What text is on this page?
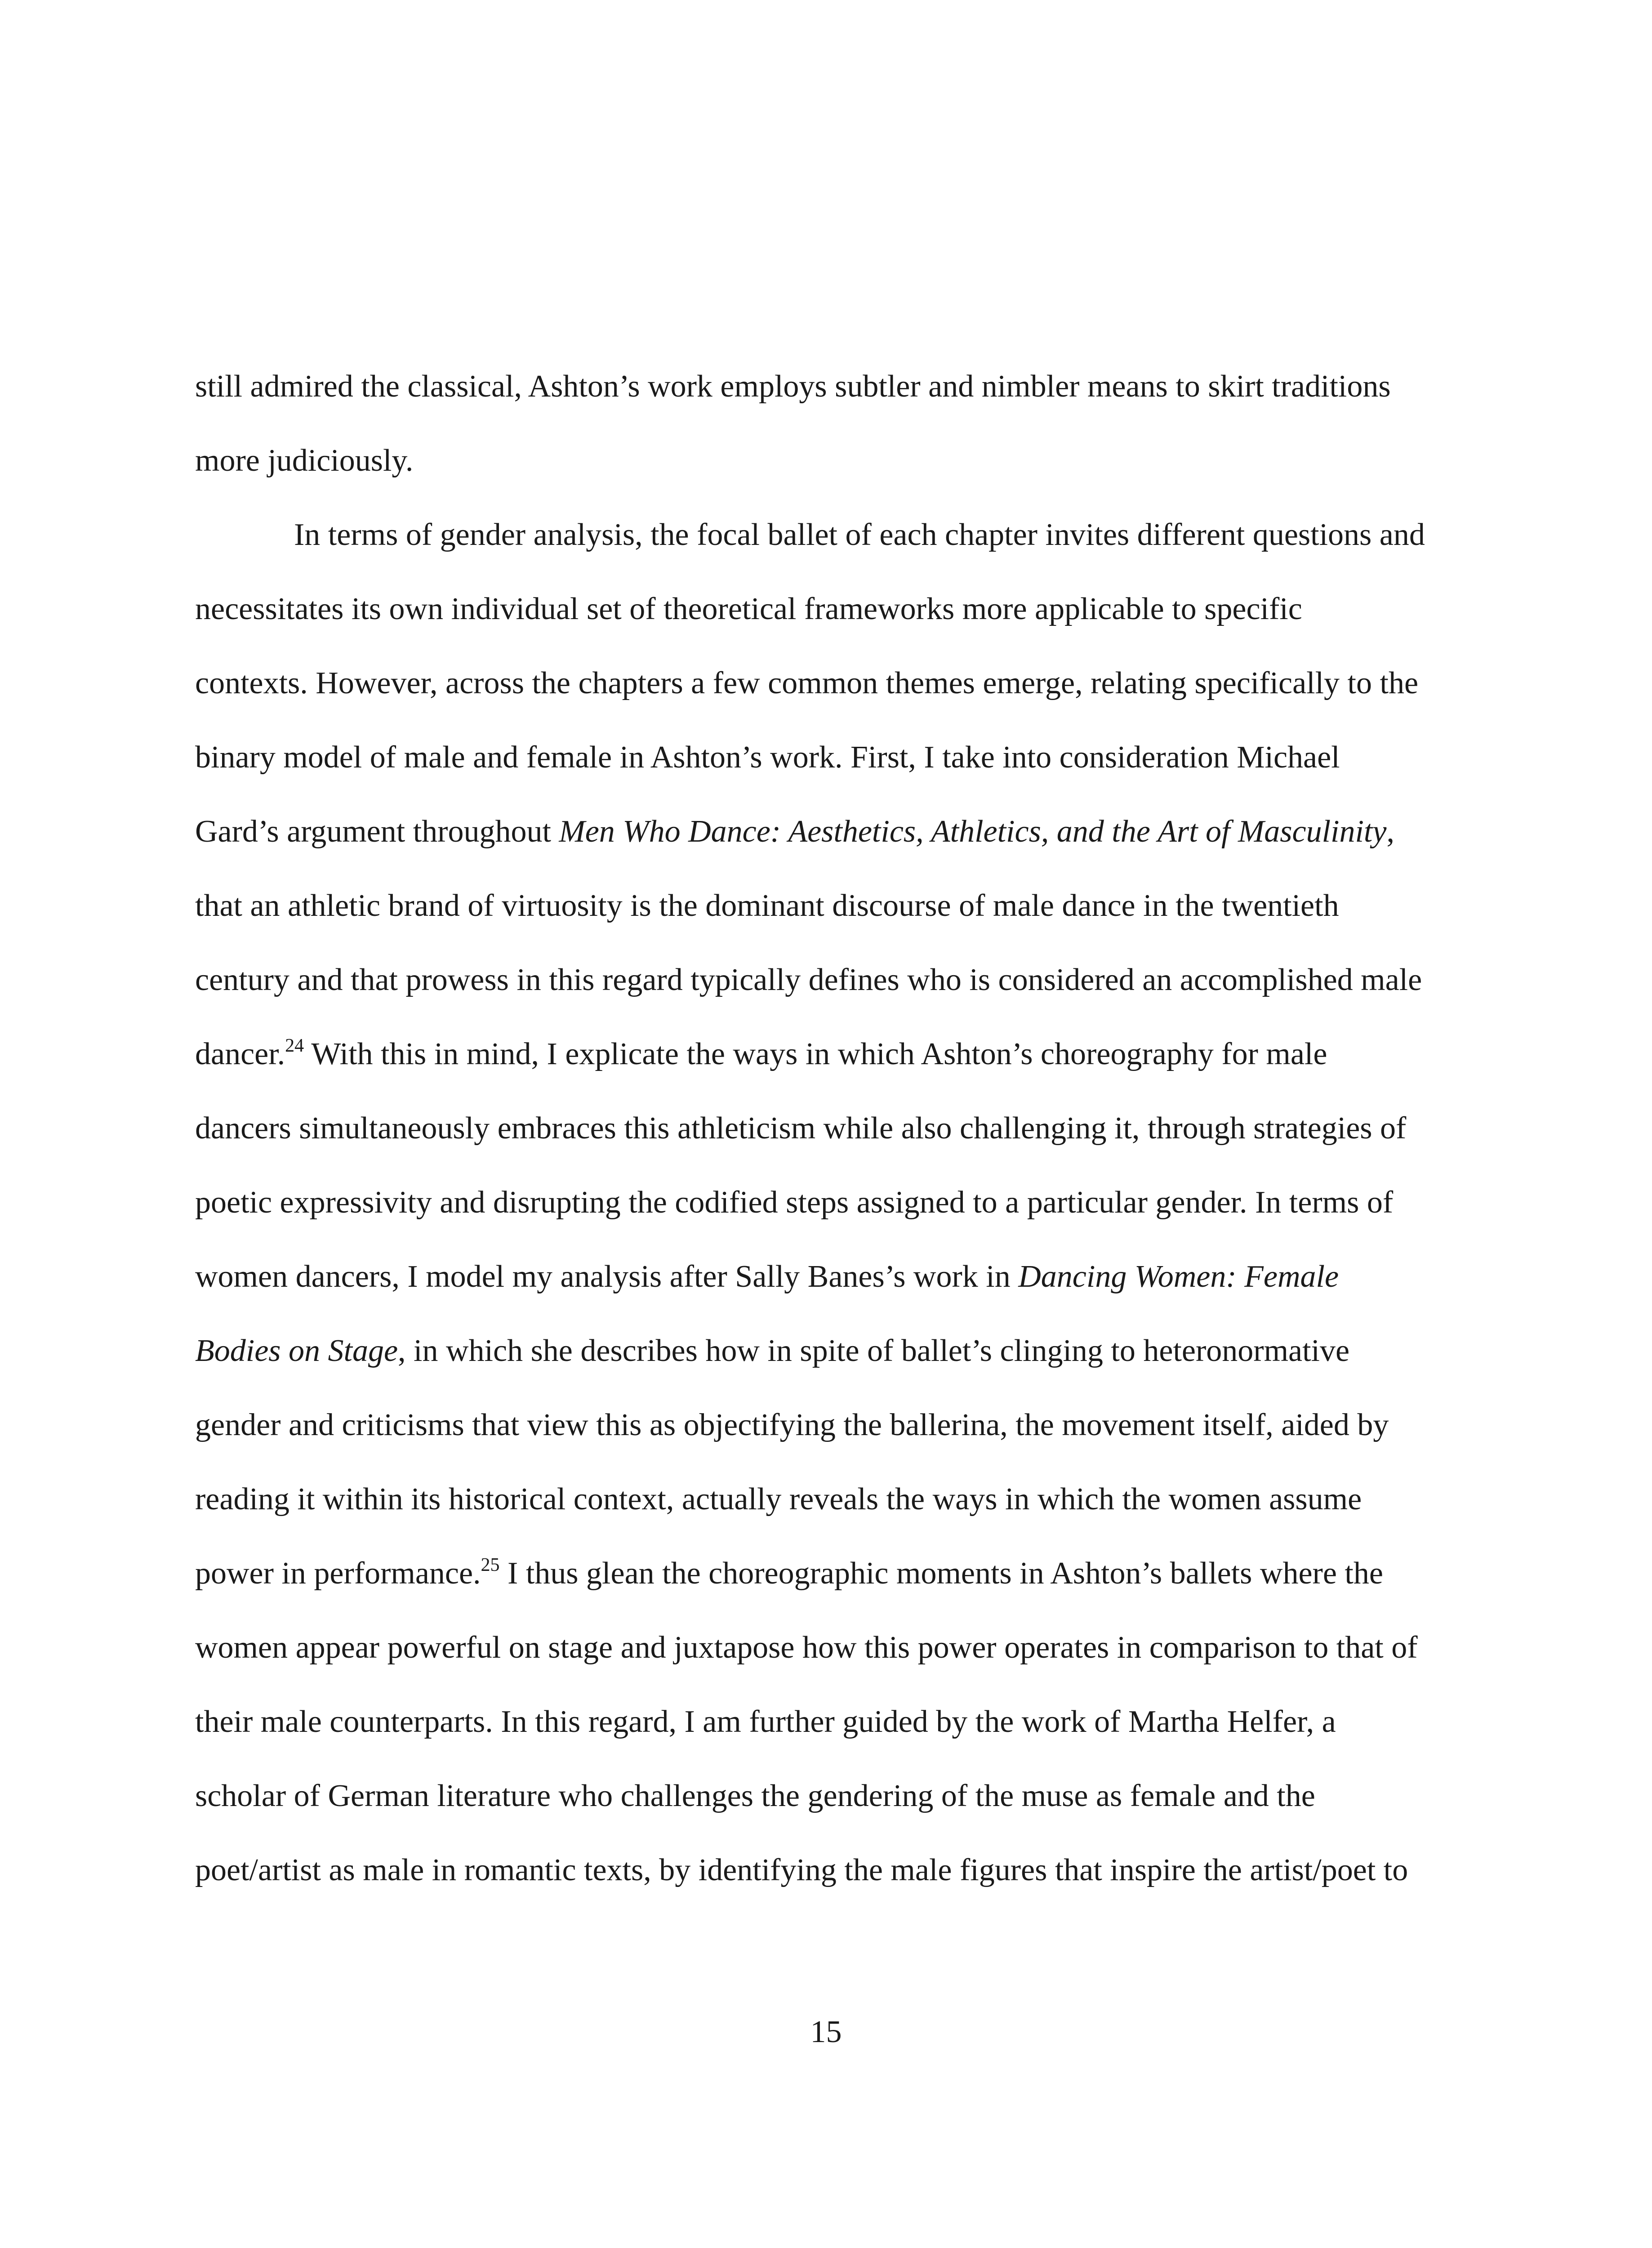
still admired the classical, Ashton’s work employs subtler and nimbler means to skirt traditions

more judiciously.

In terms of gender analysis, the focal ballet of each chapter invites different questions and

necessitates its own individual set of theoretical frameworks more applicable to specific

contexts. However, across the chapters a few common themes emerge, relating specifically to the

binary model of male and female in Ashton’s work. First, I take into consideration Michael

Gard’s argument throughout Men Who Dance: Aesthetics, Athletics, and the Art of Masculinity,

that an athletic brand of virtuosity is the dominant discourse of male dance in the twentieth

century and that prowess in this regard typically defines who is considered an accomplished male

dancer.$^{24}$ With this in mind, I explicate the ways in which Ashton’s choreography for male

dancers simultaneously embraces this athleticism while also challenging it, through strategies of

poetic expressivity and disrupting the codified steps assigned to a particular gender. In terms of

women dancers, I model my analysis after Sally Banes’s work in Dancing Women: Female

Bodies on Stage, in which she describes how in spite of ballet’s clinging to heteronormative

gender and criticisms that view this as objectifying the ballerina, the movement itself, aided by

reading it within its historical context, actually reveals the ways in which the women assume

power in performance.$^{25}$ I thus glean the choreographic moments in Ashton’s ballets where the

women appear powerful on stage and juxtapose how this power operates in comparison to that of

their male counterparts. In this regard, I am further guided by the work of Martha Helfer, a

scholar of German literature who challenges the gendering of the muse as female and the

poet/artist as male in romantic texts, by identifying the male figures that inspire the artist/poet to

15
